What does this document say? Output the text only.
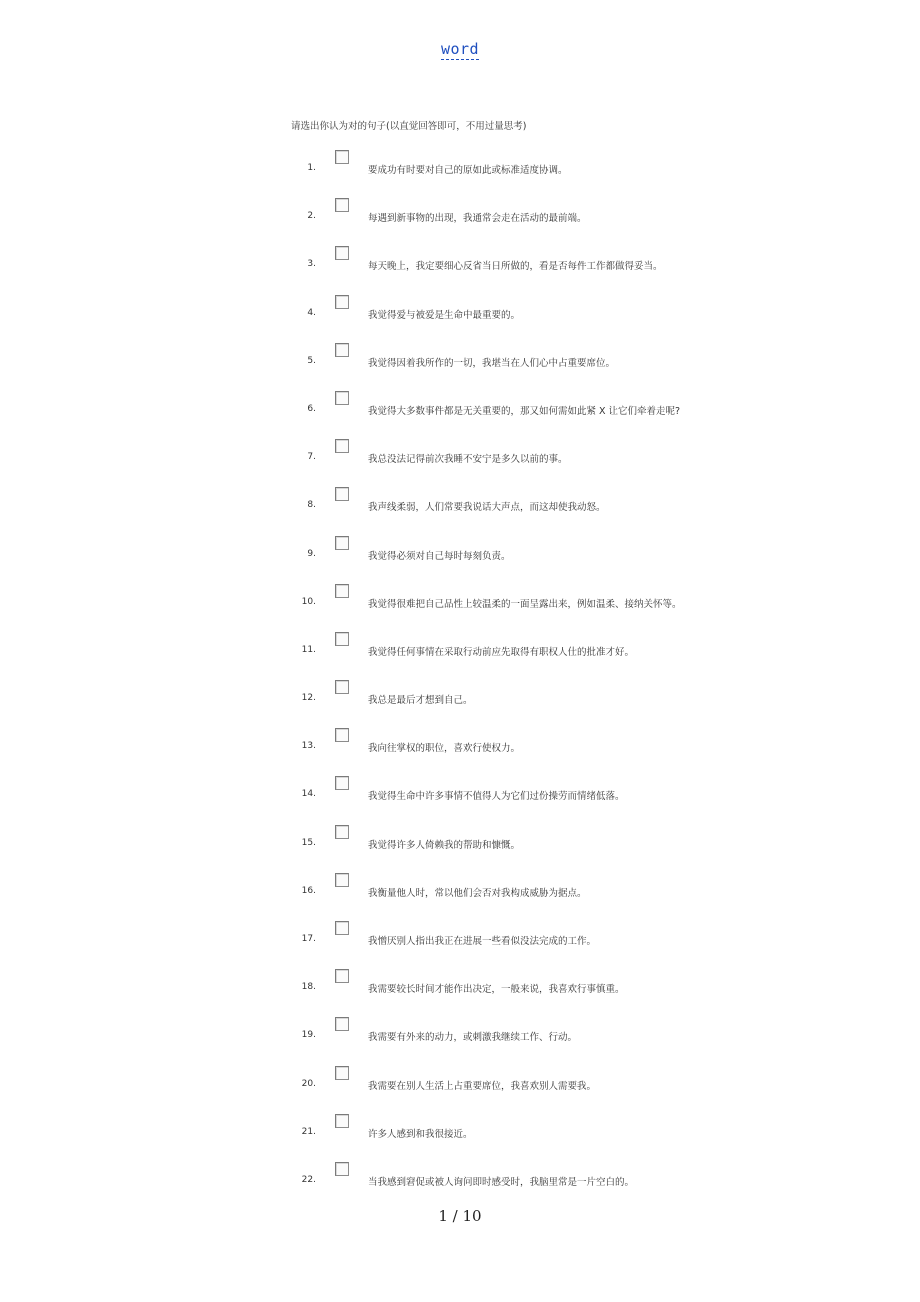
word
请选出你认为对的句子(以直觉回答即可，不用过量思考)
1.	要成功有时要对自己的原如此或标准适度协调。
2.	每遇到新事物的出现，我通常会走在活动的最前端。
3.	每天晚上，我定要细心反省当日所做的，看是否每件工作都做得妥当。
4.	我觉得爱与被爱是生命中最重要的。
5.	我觉得因着我所作的一切，我堪当在人们心中占重要席位。
6.	我觉得大多数事件都是无关重要的，那又如何需如此紧 X 让它们牵着走呢?
7.	我总没法记得前次我睡不安宁是多久以前的事。
8.	我声线柔弱，人们常要我说话大声点，而这却使我动怒。
9.	我觉得必须对自己每时每刻负责。
10.	我觉得很难把自己品性上较温柔的一面呈露出来，例如温柔、接纳关怀等。
11.	我觉得任何事情在采取行动前应先取得有职权人仕的批准才好。
12.	我总是最后才想到自己。
13.	我向往掌权的职位，喜欢行使权力。
14.	我觉得生命中许多事情不值得人为它们过份操劳而情绪低落。
15.	我觉得许多人倚赖我的帮助和慷慨。
16.	我衡量他人时，常以他们会否对我构成威胁为据点。
17.	我憎厌别人指出我正在进展一些看似没法完成的工作。
18.	我需要较长时间才能作出决定，一般来说，我喜欢行事慎重。
19.	我需要有外来的动力，或刺激我继续工作、行动。
20.	我需要在别人生活上占重要席位，我喜欢别人需要我。
21.	许多人感到和我很接近。
22.	当我感到窘促或被人询问即时感受时，我脑里常是一片空白的。
1 / 10
